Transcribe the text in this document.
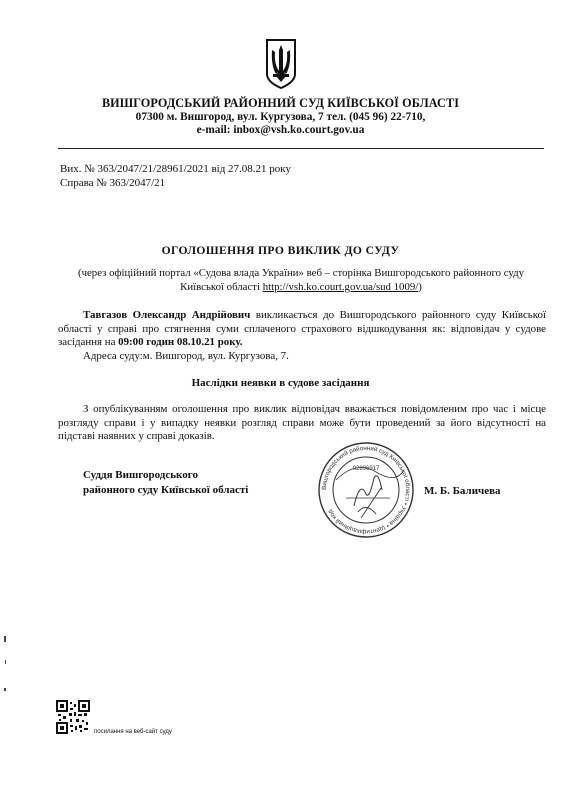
ВИШГОРОДСЬКИЙ РАЙОННИЙ СУД КИЇВСЬКОЇ ОБЛАСТІ
07300 м. Вишгород, вул. Кургузова, 7 тел. (045 96) 22-710,
e-mail: inbox@vsh.ko.court.gov.ua
Вих. № 363/2047/21/28961/2021 від 27.08.21 року
Справа № 363/2047/21
ОГОЛОШЕННЯ ПРО ВИКЛИК ДО СУДУ
(через офіційний портал «Судова влада України» веб – сторінка Вишгородського районного суду Київської області http://vsh.ko.court.gov.ua/sud 1009/)

Тавгазов Олександр Андрійович викликається до Вишгородського районного суду Київської області у справі про стягнення суми сплаченого страхового відшкодування як: відповідач у судове засідання на 09:00 годин 08.10.21 року.

Адреса суду:м. Вишгород, вул. Кургузова, 7.

Наслідки неявки в судове засідання

З опублікуванням оголошення про виклик відповідач вважається повідомленим про час і місце розгляду справи і у випадку неявки розгляд справи може бути проведений за його відсутності на підставі наявних у справі доказів.

Суддя Вишгородського
районного суду Київської області	Вишгородський районний суд Київської області • Україна • Ідентифікаційний код
02896917
М. Б. Баличева
посилання на веб-сайт суду
